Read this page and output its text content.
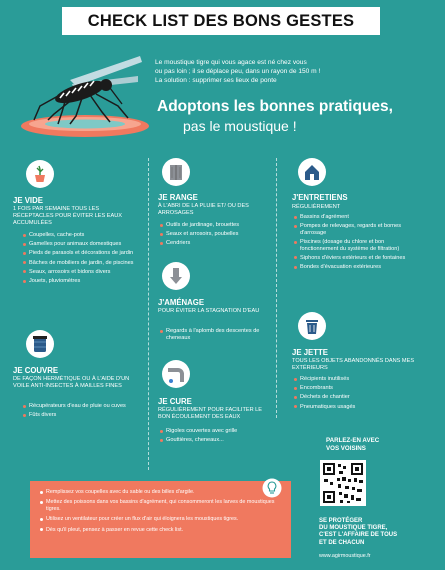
CHECK LIST DES BONS GESTES

Le moustique tigre qui vous agace est né chez vous

ou pas loin ; il se déplace peu, dans un rayon de 150 m !

La solution : supprimer ses lieux de ponte

Adoptons les bonnes pratiques,
pas le moustique !
JE VIDE
1 FOIS PAR SEMAINE TOUS LES RÉCEPTACLES POUR ÉVITER LES EAUX ACCUMULÉES
Coupelles, cache-pots
Gamelles pour animaux domestiques
Pieds de parasols et décorations de jardin
Bâches de mobiliers de jardin, de piscines
Seaux, arrosoirs et bidons divers
Jouets, pluviomètres
JE COUVRE
DE FAÇON HERMÉTIQUE OU À L'AIDE D'UN VOILE ANTI-INSECTES À MAILLES FINES
Récupérateurs d'eau de pluie ou cuves
Fûts divers
JE RANGE
À L'ABRI DE LA PLUIE ET/ OU DES ARROSAGES
Outils de jardinage, brouettes
Seaux et arrosoirs, poubelles
Cendriers
J'AMÉNAGE
POUR ÉVITER LA STAGNATION D'EAU
Regards à l'aplomb des descentes de cheneaux
JE CURE
RÉGULIÈREMENT POUR FACILITER LE BON ÉCOULEMENT DES EAUX
Rigoles couvertes avec grille
Gouttières, cheneaux...
J'ENTRETIENS
RÉGULIÈREMENT
Bassins d'agrément
Pompes de relevages, regards et bornes d'arrosage
Piscines (dosage du chlore et bon fonctionnement du système de filtration)
Siphons d'éviers extérieurs et de fontaines
Bondes d'évacuation extérieures
JE JETTE
TOUS LES OBJETS ABANDONNÉS DANS MES EXTÉRIEURS
Récipients inutilisés
Encombrants
Déchets de chantier
Pneumatiques usagés
Remplissez vos coupelles avec du sable ou des billes d'argile.
Mettez des poissons dans vos bassins d'agrément, qui consommeront les larves de moustiques tigres.
Utilisez un ventilateur pour créer un flux d'air qui éloignera les moustiques tigres.
Dès qu'il pleut, pensez à passer en revue cette check list.
PARLEZ-EN AVEC
VOS VOISINS
SE PROTÉGER
DU MOUSTIQUE TIGRE,
C'EST L'AFFAIRE DE TOUS
ET DE CHACUN
www.agirmoustique.fr
